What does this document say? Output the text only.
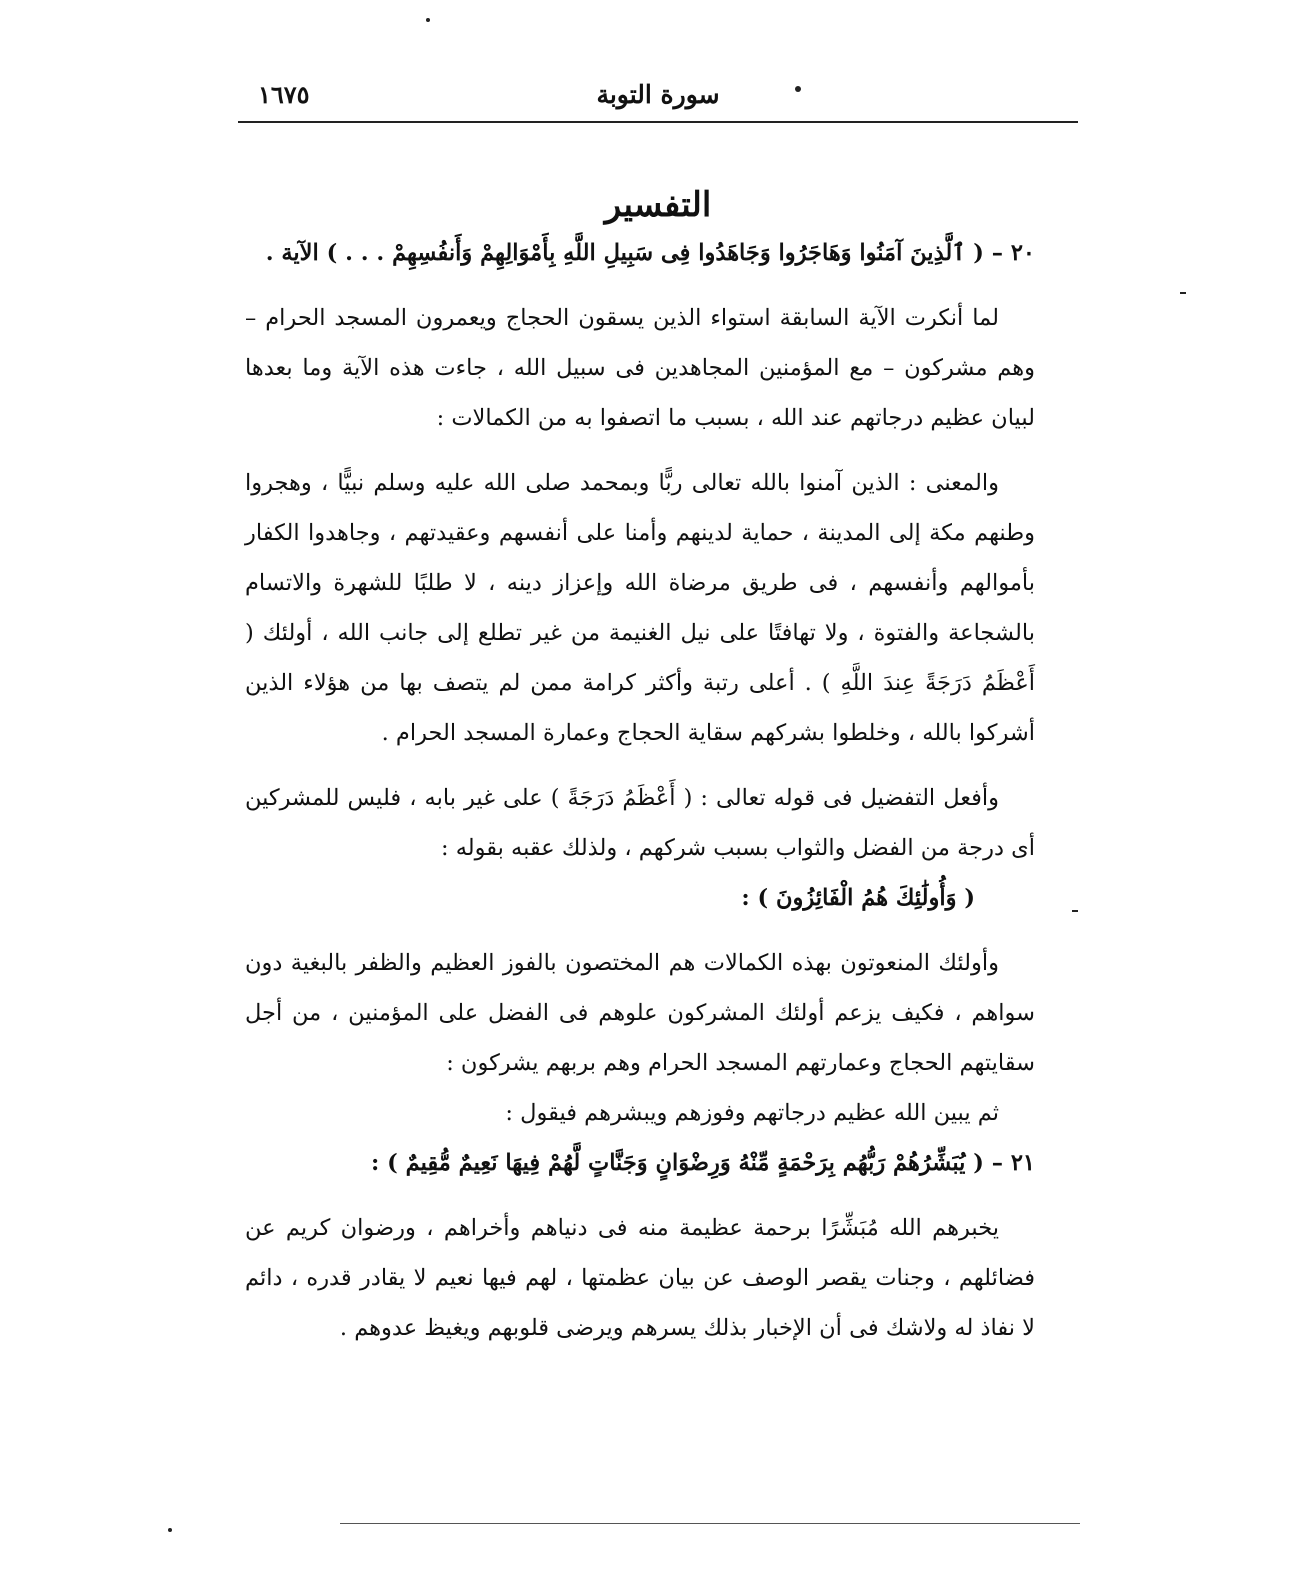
سورة التوبة
١٦٧٥
التفسير

٢٠ – ( ٱلَّذِينَ آمَنُوا وَهَاجَرُوا وَجَاهَدُوا فِى سَبِيلِ اللَّهِ بِأَمْوَالِهِمْ وَأَنفُسِهِمْ . . . ) الآية .

لما أنكرت الآية السابقة استواء الذين يسقون الحجاج ويعمرون المسجد الحرام – وهم مشركون – مع المؤمنين المجاهدين فى سبيل الله ، جاءت هذه الآية وما بعدها لبيان عظيم درجاتهم عند الله ، بسبب ما اتصفوا به من الكمالات :

والمعنى : الذين آمنوا بالله تعالى ربًّا وبمحمد صلى الله عليه وسلم نبيًّا ، وهجروا وطنهم مكة إلى المدينة ، حماية لدينهم وأمنا على أنفسهم وعقيدتهم ، وجاهدوا الكفار بأموالهم وأنفسهم ، فى طريق مرضاة الله وإعزاز دينه ، لا طلبًا للشهرة والاتسام بالشجاعة والفتوة ، ولا تهافتًا على نيل الغنيمة من غير تطلع إلى جانب الله ، أولئك ( أَعْظَمُ دَرَجَةً عِندَ اللَّهِ ) . أعلى رتبة وأكثر كرامة ممن لم يتصف بها من هؤلاء الذين أشركوا بالله ، وخلطوا بشركهم سقاية الحجاج وعمارة المسجد الحرام .

وأفعل التفضيل فى قوله تعالى : ( أَعْظَمُ دَرَجَةً ) على غير بابه ، فليس للمشركين أى درجة من الفضل والثواب بسبب شركهم ، ولذلك عقبه بقوله :

( وَأُولَٰئِكَ هُمُ الْفَائِزُونَ ) :

وأولئك المنعوتون بهذه الكمالات هم المختصون بالفوز العظيم والظفر بالبغية دون سواهم ، فكيف يزعم أولئك المشركون علوهم فى الفضل على المؤمنين ، من أجل سقايتهم الحجاج وعمارتهم المسجد الحرام وهم بربهم يشركون :

ثم يبين الله عظيم درجاتهم وفوزهم ويبشرهم فيقول :

٢١ – ( يُبَشِّرُهُمْ رَبُّهُم بِرَحْمَةٍ مِّنْهُ وَرِضْوَانٍ وَجَنَّاتٍ لَّهُمْ فِيهَا نَعِيمٌ مُّقِيمٌ ) :

يخبرهم الله مُبَشِّرًا برحمة عظيمة منه فى دنياهم وأخراهم ، ورضوان كريم عن فضائلهم ، وجنات يقصر الوصف عن بيان عظمتها ، لهم فيها نعيم لا يقادر قدره ، دائم لا نفاذ له ولاشك فى أن الإخبار بذلك يسرهم ويرضى قلوبهم ويغيظ عدوهم .
